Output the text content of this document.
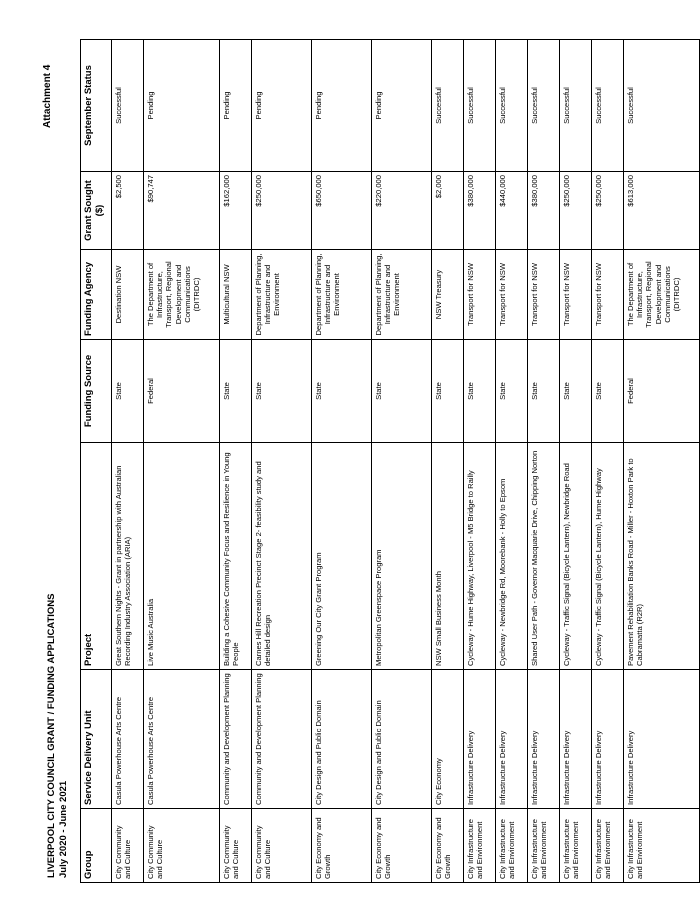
LIVERPOOL CITY COUNCIL GRANT / FUNDING APPLICATIONS July 2020 - June 2021
Attachment 4
Group	Service Delivery Unit	Project	Funding Source	Funding Agency	Grant Sought ($)	September Status
City Community and Culture	Casula Powerhouse Arts Centre	Great Southern Nights - Grant in partnership with Australian Recording Industry Association (ARIA)	State	Destination NSW	$2,500	Successful
City Community and Culture	Casula Powerhouse Arts Centre	Live Music Australia	Federal	The Department of Infrastructure, Transport, Regional Development and Communications (DITRDC)	$90,747	Pending
City Community and Culture	Community and Development Planning	Building a Cohesive Community Focus and Resilience in Young People	State	Multicultural NSW	$162,000	Pending
City Community and Culture	Community and Development Planning	Carnes Hill Recreation Precinct Stage 2- feasibility study and detailed design	State	Department of Planning, Infrastructure and Environment	$250,000	Pending
City Economy and Growth	City Design and Public Domain	Greening Our City Grant Program	State	Department of Planning, Infrastructure and Environment	$650,000	Pending
City Economy and Growth	City Design and Public Domain	Metropolitan Greenspace Program	State	Department of Planning, Infrastructure and Environment	$220,000	Pending
City Economy and Growth	City Economy	NSW Small Business Month	State	NSW Treasury	$2,000	Successful
City Infrastructure and Environment	Infrastructure Delivery	Cycleway - Hume Highway, Liverpool - M5 Bridge to Railly	State	Transport for NSW	$380,000	Successful
City Infrastructure and Environment	Infrastructure Delivery	Cycleway - Newbridge Rd, Moorebank - Holly to Epsom	State	Transport for NSW	$440,000	Successful
City Infrastructure and Environment	Infrastructure Delivery	Shared User Path - Governor Macquarie Drive, Chipping Norton	State	Transport for NSW	$380,000	Successful
City Infrastructure and Environment	Infrastructure Delivery	Cycleway - Traffic Signal (Bicycle Lantern), Newbridge Road	State	Transport for NSW	$250,000	Successful
City Infrastructure and Environment	Infrastructure Delivery	Cycleway - Traffic Signal (Bicycle Lantern), Hume Highway	State	Transport for NSW	$250,000	Successful
City Infrastructure and Environment	Infrastructure Delivery	Pavement Rehabilitation Banks Road - Miller - Hoxton Park to Cabramatta (R2R)	Federal	The Department of Infrastructure, Transport, Regional Development and Communications (DITRDC)	$613,000	Successful
